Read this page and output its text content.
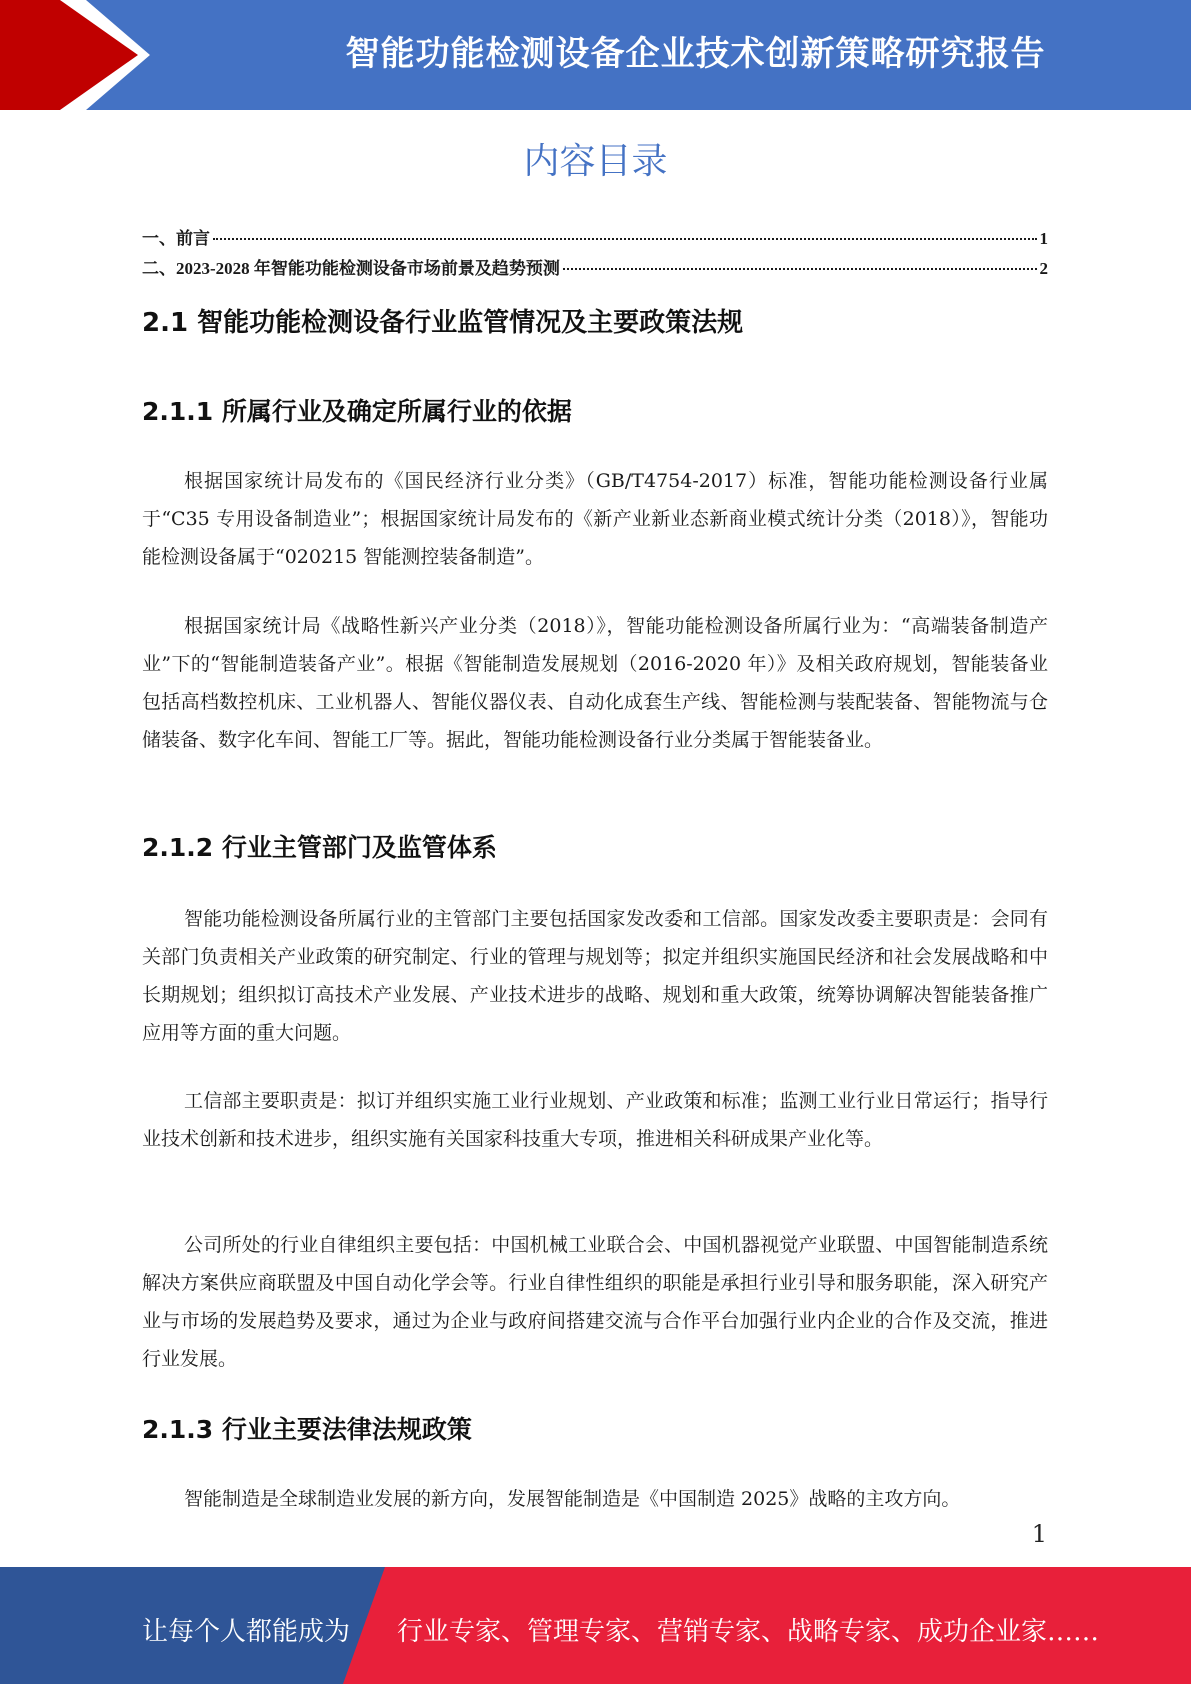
智能功能检测设备企业技术创新策略研究报告
内容目录
一、前言	1
二、2023-2028 年智能功能检测设备市场前景及趋势预测	2
2.1 智能功能检测设备行业监管情况及主要政策法规
2.1.1 所属行业及确定所属行业的依据

根据国家统计局发布的《国民经济行业分类》（GB/T4754-2017）标准，智能功能检测设备行业属于“C35 专用设备制造业”；根据国家统计局发布的《新产业新业态新商业模式统计分类（2018）》，智能功能检测设备属于“020215 智能测控装备制造”。

根据国家统计局《战略性新兴产业分类（2018）》，智能功能检测设备所属行业为：“高端装备制造产业”下的“智能制造装备产业”。根据《智能制造发展规划（2016-2020 年）》及相关政府规划，智能装备业包括高档数控机床、工业机器人、智能仪器仪表、自动化成套生产线、智能检测与装配装备、智能物流与仓储装备、数字化车间、智能工厂等。据此，智能功能检测设备行业分类属于智能装备业。

2.1.2 行业主管部门及监管体系

智能功能检测设备所属行业的主管部门主要包括国家发改委和工信部。国家发改委主要职责是：会同有关部门负责相关产业政策的研究制定、行业的管理与规划等；拟定并组织实施国民经济和社会发展战略和中长期规划；组织拟订高技术产业发展、产业技术进步的战略、规划和重大政策，统筹协调解决智能装备推广应用等方面的重大问题。

工信部主要职责是：拟订并组织实施工业行业规划、产业政策和标准；监测工业行业日常运行；指导行业技术创新和技术进步，组织实施有关国家科技重大专项，推进相关科研成果产业化等。

公司所处的行业自律组织主要包括：中国机械工业联合会、中国机器视觉产业联盟、中国智能制造系统解决方案供应商联盟及中国自动化学会等。行业自律性组织的职能是承担行业引导和服务职能，深入研究产业与市场的发展趋势及要求，通过为企业与政府间搭建交流与合作平台加强行业内企业的合作及交流，推进行业发展。

2.1.3 行业主要法律法规政策

智能制造是全球制造业发展的新方向，发展智能制造是《中国制造 2025》战略的主攻方向。

1
让每个人都能成为 行业专家、管理专家、营销专家、战略专家、成功企业家……
